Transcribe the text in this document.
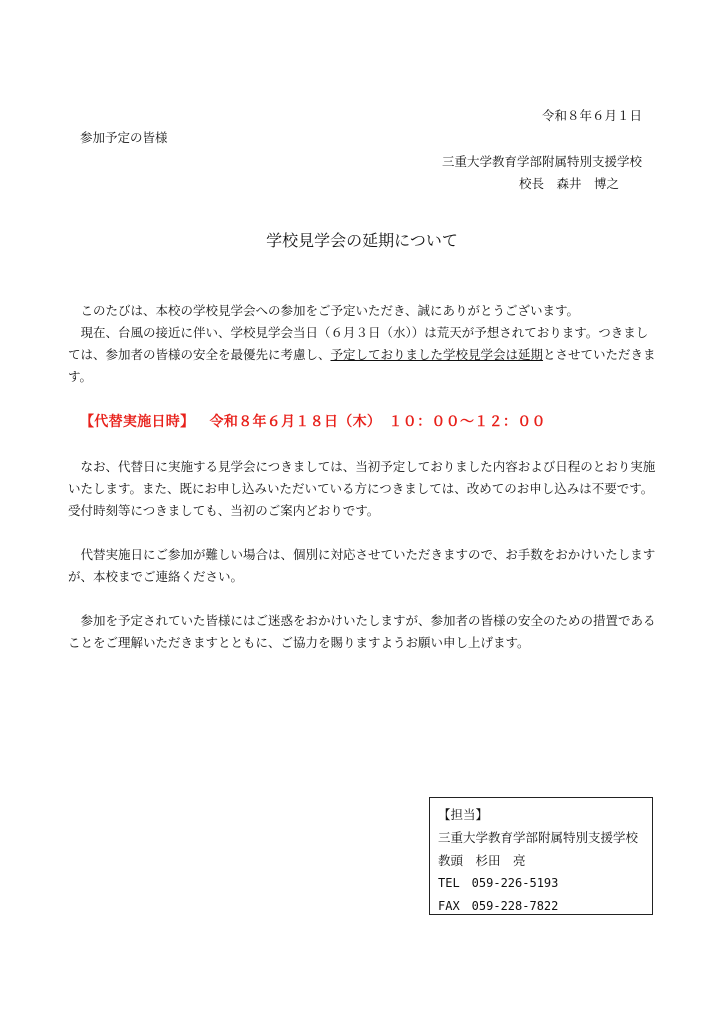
令和８年６月１日
参加予定の皆様
三重大学教育学部附属特別支援学校
校長　森井　博之
学校見学会の延期について

このたびは、本校の学校見学会への参加をご予定いただき、誠にありがとうございます。

現在、台風の接近に伴い、学校見学会当日（６月３日（水））は荒天が予想されております。つきましては、参加者の皆様の安全を最優先に考慮し、予定しておりました学校見学会は延期とさせていただきます。

【代替実施日時】 令和８年６月１８日（木）　１０：００～１２：００

なお、代替日に実施する見学会につきましては、当初予定しておりました内容および日程のとおり実施いたします。また、既にお申し込みいただいている方につきましては、改めてのお申し込みは不要です。受付時刻等につきましても、当初のご案内どおりです。

代替実施日にご参加が難しい場合は、個別に対応させていただきますので、お手数をおかけいたしますが、本校までご連絡ください。

参加を予定されていた皆様にはご迷惑をおかけいたしますが、参加者の皆様の安全のための措置であることをご理解いただきますとともに、ご協力を賜りますようお願い申し上げます。

【担当】
三重大学教育学部附属特別支援学校
教頭　杉田　亮
TEL　059-226-5193
FAX　059-228-7822
